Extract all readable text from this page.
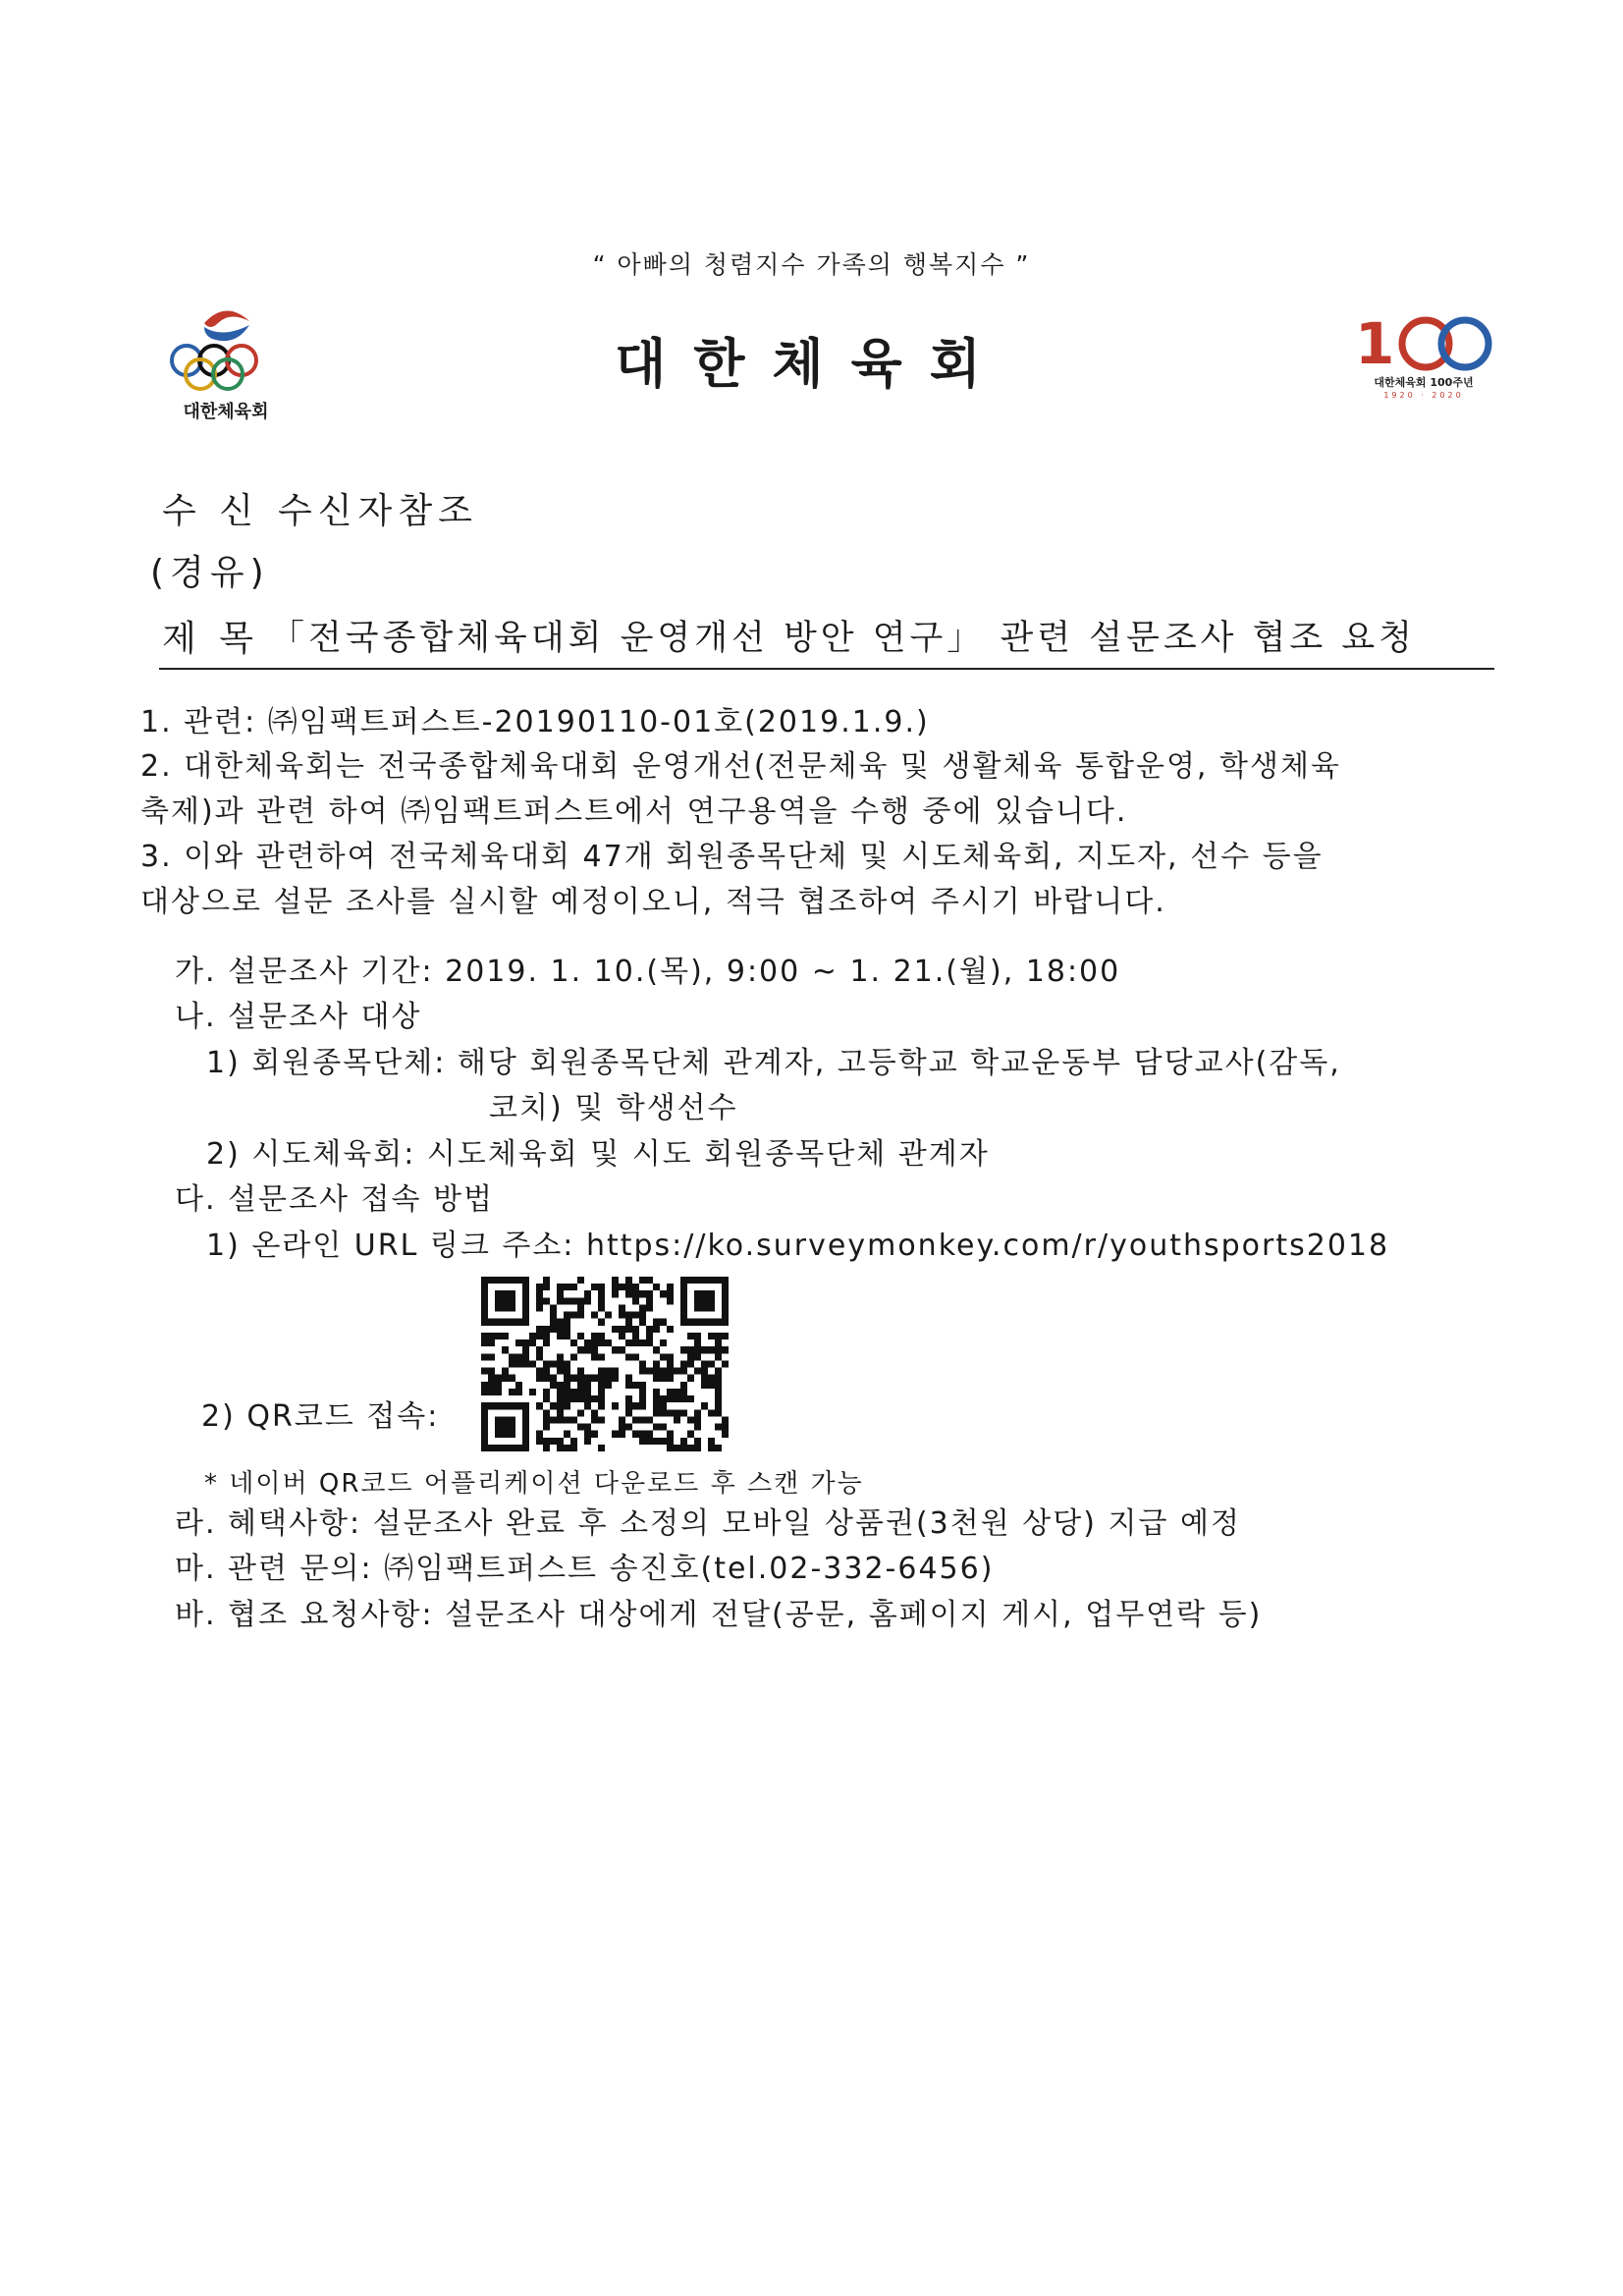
“ 아빠의 청렴지수 가족의 행복지수 ”
대한체육회
대한체육회	1
대한체육회 100주년
1920 · 2020
수 신 수신자참조
(경유)
제 목 「전국종합체육대회 운영개선 방안 연구」 관련 설문조사 협조 요청
1. 관련: ㈜임팩트퍼스트-20190110-01호(2019.1.9.)
2. 대한체육회는 전국종합체육대회 운영개선(전문체육 및 생활체육 통합운영, 학생체육
축제)과 관련 하여 ㈜임팩트퍼스트에서 연구용역을 수행 중에 있습니다.
3. 이와 관련하여 전국체육대회 47개 회원종목단체 및 시도체육회, 지도자, 선수 등을
대상으로 설문 조사를 실시할 예정이오니, 적극 협조하여 주시기 바랍니다.
가. 설문조사 기간: 2019. 1. 10.(목), 9:00 ~ 1. 21.(월), 18:00
나. 설문조사 대상
1) 회원종목단체: 해당 회원종목단체 관계자, 고등학교 학교운동부 담당교사(감독,
코치) 및 학생선수
2) 시도체육회: 시도체육회 및 시도 회원종목단체 관계자
다. 설문조사 접속 방법
1) 온라인 URL 링크 주소: https://ko.surveymonkey.com/r/youthsports2018
2) QR코드 접속:
* 네이버 QR코드 어플리케이션 다운로드 후 스캔 가능
라. 혜택사항: 설문조사 완료 후 소정의 모바일 상품권(3천원 상당) 지급 예정
마. 관련 문의: ㈜임팩트퍼스트 송진호(tel.02-332-6456)
바. 협조 요청사항: 설문조사 대상에게 전달(공문, 홈페이지 게시, 업무연락 등)
